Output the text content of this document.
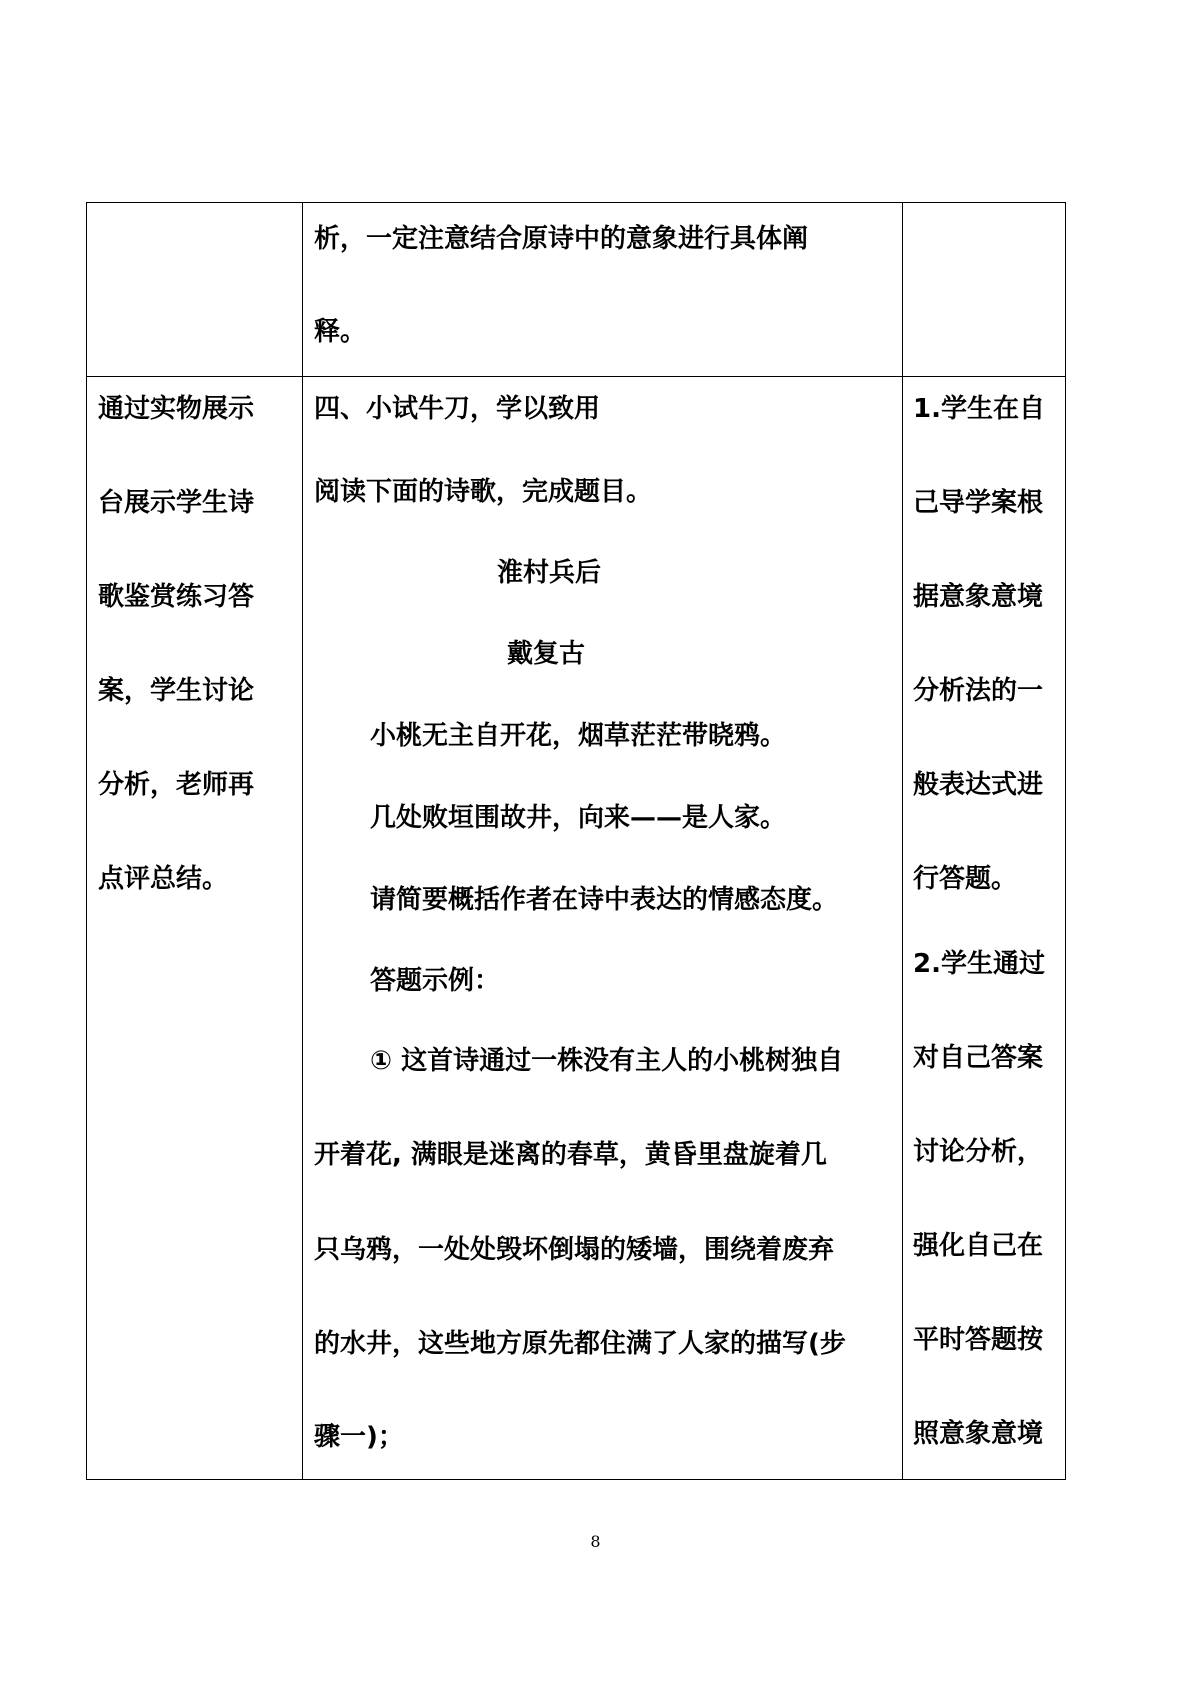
析，一定注意结合原诗中的意象进行具体阐
释。
通过实物展示
台展示学生诗
歌鉴赏练习答
案，学生讨论
分析，老师再
点评总结。
四、小试牛刀，学以致用
阅读下面的诗歌，完成题目。
淮村兵后
戴复古
小桃无主自开花，烟草茫茫带晓鸦。
几处败垣围故井，向来——是人家。
请简要概括作者在诗中表达的情感态度。
答题示例：
① 这首诗通过一株没有主人的小桃树独自
开着花, 满眼是迷离的春草，黄昏里盘旋着几
只乌鸦，一处处毁坏倒塌的矮墙，围绕着废弃
的水井，这些地方原先都住满了人家的描写(步
骤一)；
1.学生在自
己导学案根
据意象意境
分析法的一
般表达式进
行答题。
2.学生通过
对自己答案
讨论分析，
强化自己在
平时答题按
照意象意境
8
